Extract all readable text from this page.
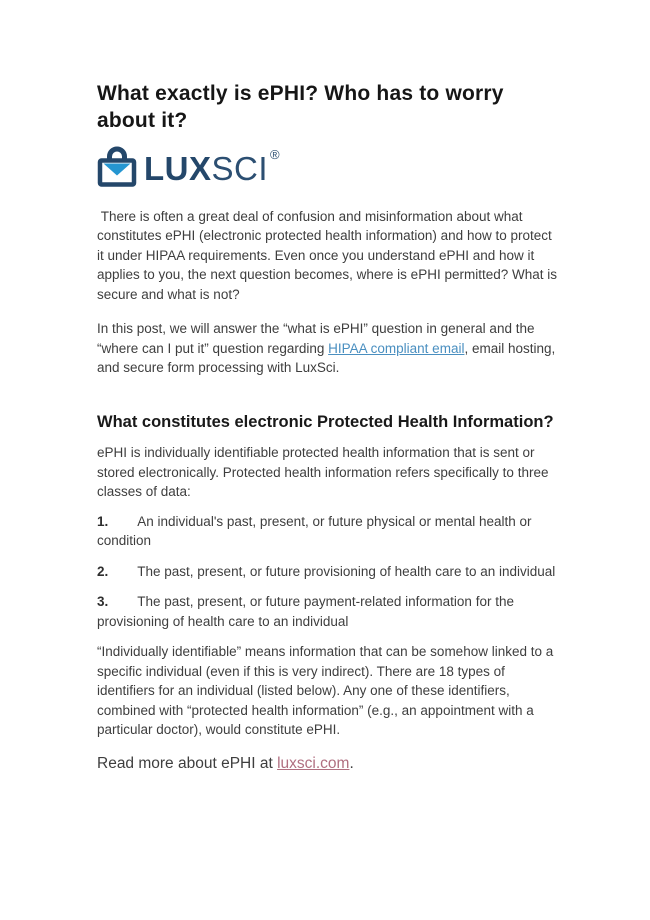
What exactly is ePHI? Who has to worry about it?
LUX SCI ®

There is often a great deal of confusion and misinformation about what constitutes ePHI (electronic protected health information) and how to protect it under HIPAA requirements. Even once you understand ePHI and how it applies to you, the next question becomes, where is ePHI permitted? What is secure and what is not?

In this post, we will answer the “what is ePHI” question in general and the “where can I put it” question regarding HIPAA compliant email, email hosting, and secure form processing with LuxSci.

What constitutes electronic Protected Health Information?

ePHI is individually identifiable protected health information that is sent or stored electronically. Protected health information refers specifically to three classes of data:

1. An individual's past, present, or future physical or mental health or condition

2. The past, present, or future provisioning of health care to an individual

3. The past, present, or future payment-related information for the provisioning of health care to an individual

“Individually identifiable” means information that can be somehow linked to a specific individual (even if this is very indirect). There are 18 types of identifiers for an individual (listed below). Any one of these identifiers, combined with “protected health information” (e.g., an appointment with a particular doctor), would constitute ePHI.

Read more about ePHI at luxsci.com.
